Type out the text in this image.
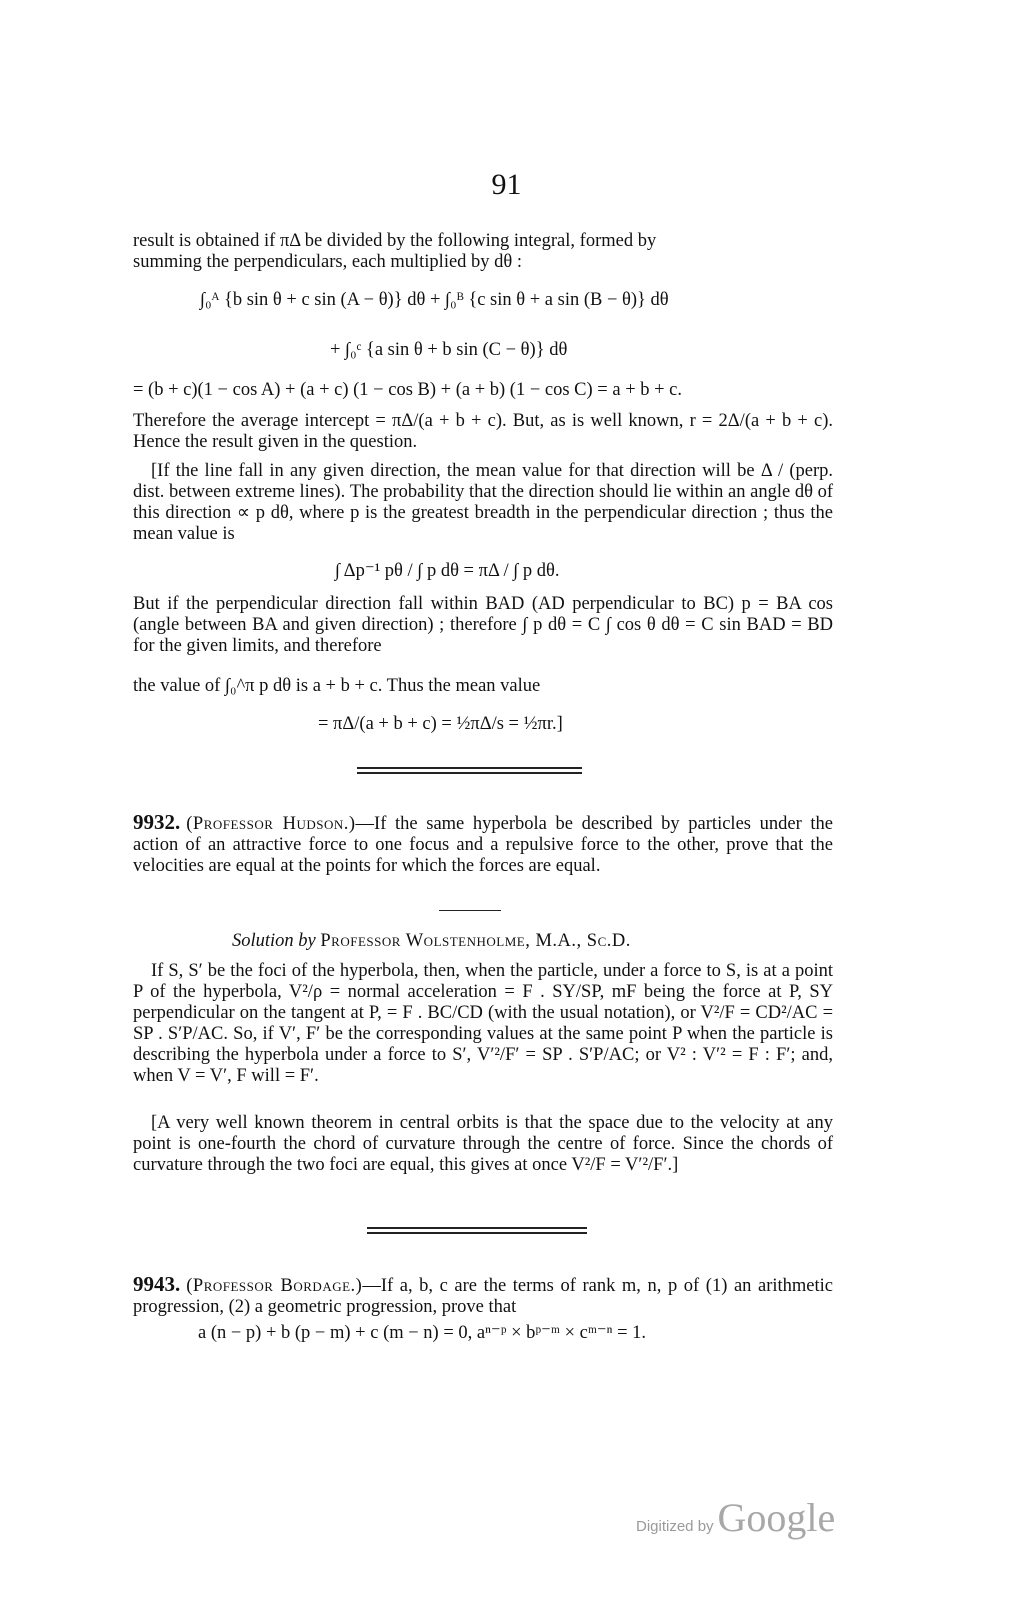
91

result is obtained if πΔ be divided by the following integral, formed by

summing the perpendiculars, each multiplied by dθ :

∫₀ᴬ {b sin θ + c sin (A − θ)} dθ + ∫₀ᴮ {c sin θ + a sin (B − θ)} dθ
+ ∫₀ᶜ {a sin θ + b sin (C − θ)} dθ
= (b + c)(1 − cos A) + (a + c) (1 − cos B) + (a + b) (1 − cos C) = a + b + c.
Therefore the average intercept = πΔ/(a + b + c). But, as is well known, r = 2Δ/(a + b + c). Hence the result given in the question.
[If the line fall in any given direction, the mean value for that direction will be Δ / (perp. dist. between extreme lines). The probability that the direction should lie within an angle dθ of this direction ∝ p dθ, where p is the greatest breadth in the perpendicular direction ; thus the mean value is
∫ Δp⁻¹ pθ / ∫ p dθ = πΔ / ∫ p dθ.
But if the perpendicular direction fall within BAD (AD perpendicular to BC) p = BA cos (angle between BA and given direction) ; therefore ∫ p dθ = C ∫ cos θ dθ = C sin BAD = BD for the given limits, and therefore
the value of ∫₀^π p dθ is a + b + c. Thus the mean value
= πΔ/(a + b + c) = ½πΔ/s = ½πr.]

9932. (Professor Hudson.)—If the same hyperbola be described by particles under the action of an attractive force to one focus and a repulsive force to the other, prove that the velocities are equal at the points for which the forces are equal.

Solution by Professor Wolstenholme, M.A., Sc.D.
If S, S′ be the foci of the hyperbola, then, when the particle, under a force to S, is at a point P of the hyperbola, V²/ρ = normal acceleration = F . SY/SP, mF being the force at P, SY perpendicular on the tangent at P, = F . BC/CD (with the usual notation), or V²/F = CD²/AC = SP . S′P/AC. So, if V′, F′ be the corresponding values at the same point P when the particle is describing the hyperbola under a force to S′, V′²/F′ = SP . S′P/AC; or V² : V′² = F : F′; and, when V = V′, F will = F′.
[A very well known theorem in central orbits is that the space due to the velocity at any point is one-fourth the chord of curvature through the centre of force. Since the chords of curvature through the two foci are equal, this gives at once V²/F = V′²/F′.]

9943. (Professor Bordage.)—If a, b, c are the terms of rank m, n, p of (1) an arithmetic progression, (2) a geometric progression, prove that

a (n − p) + b (p − m) + c (m − n) = 0, aⁿ⁻ᵖ × bᵖ⁻ᵐ × cᵐ⁻ⁿ = 1.
Digitized by Google
